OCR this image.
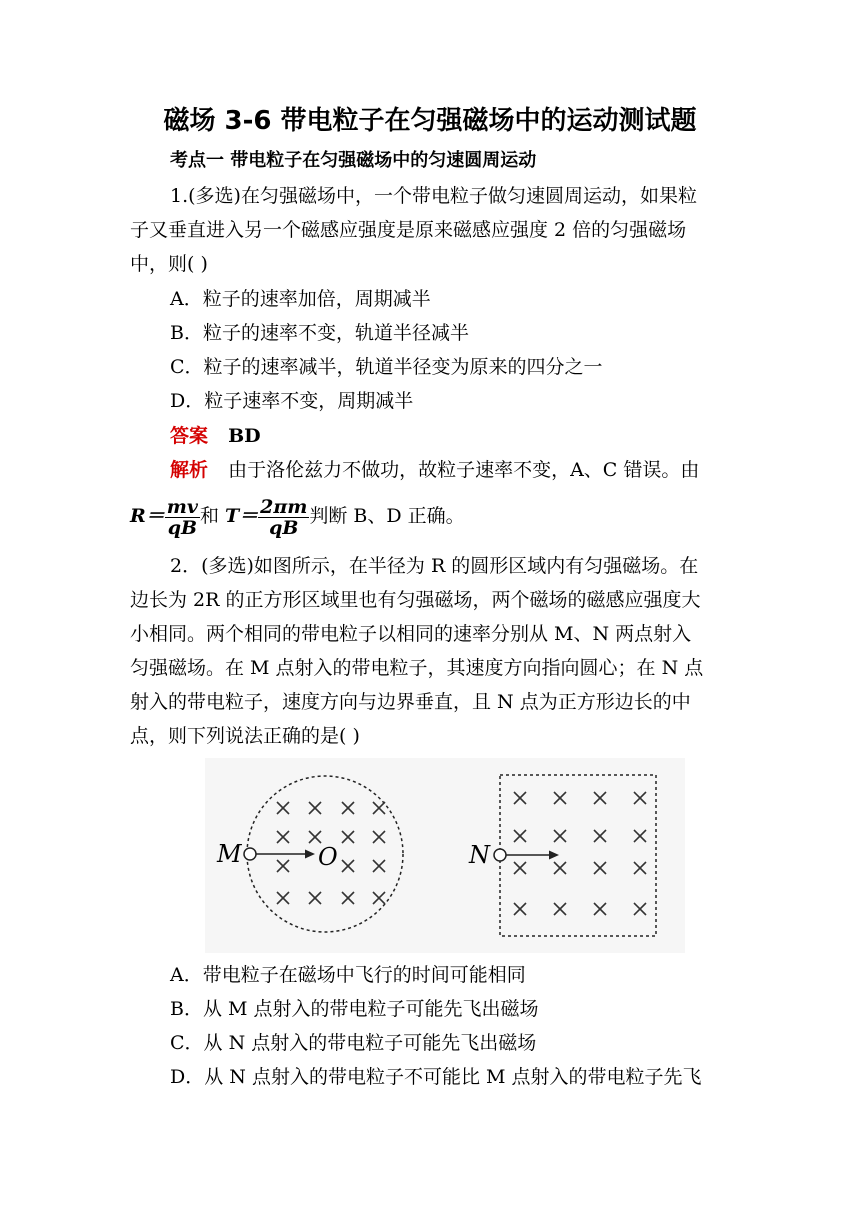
磁场 3-6 带电粒子在匀强磁场中的运动测试题
考点一 带电粒子在匀强磁场中的匀速圆周运动
1.(多选)在匀强磁场中，一个带电粒子做匀速圆周运动，如果粒
子又垂直进入另一个磁感应强度是原来磁感应强度 2 倍的匀强磁场
中，则( )
A．粒子的速率加倍，周期减半
B．粒子的速率不变，轨道半径减半
C．粒子的速率减半，轨道半径变为原来的四分之一
D．粒子速率不变，周期减半
答案 BD
解析 由于洛伦兹力不做功，故粒子速率不变，A、C 错误。由
$R= \frac{mv}{qB}$ 和 $T= \frac{2\pi m}{qB}$ 判断 B、D 正确。
2．(多选)如图所示，在半径为 R 的圆形区域内有匀强磁场。在
边长为 2R 的正方形区域里也有匀强磁场，两个磁场的磁感应强度大
小相同。两个相同的带电粒子以相同的速率分别从 M、N 两点射入
匀强磁场。在 M 点射入的带电粒子，其速度方向指向圆心；在 N 点
射入的带电粒子，速度方向与边界垂直，且 N 点为正方形边长的中
点，则下列说法正确的是( )
M	O	N
A．带电粒子在磁场中飞行的时间可能相同
B．从 M 点射入的带电粒子可能先飞出磁场
C．从 N 点射入的带电粒子可能先飞出磁场
D．从 N 点射入的带电粒子不可能比 M 点射入的带电粒子先飞
